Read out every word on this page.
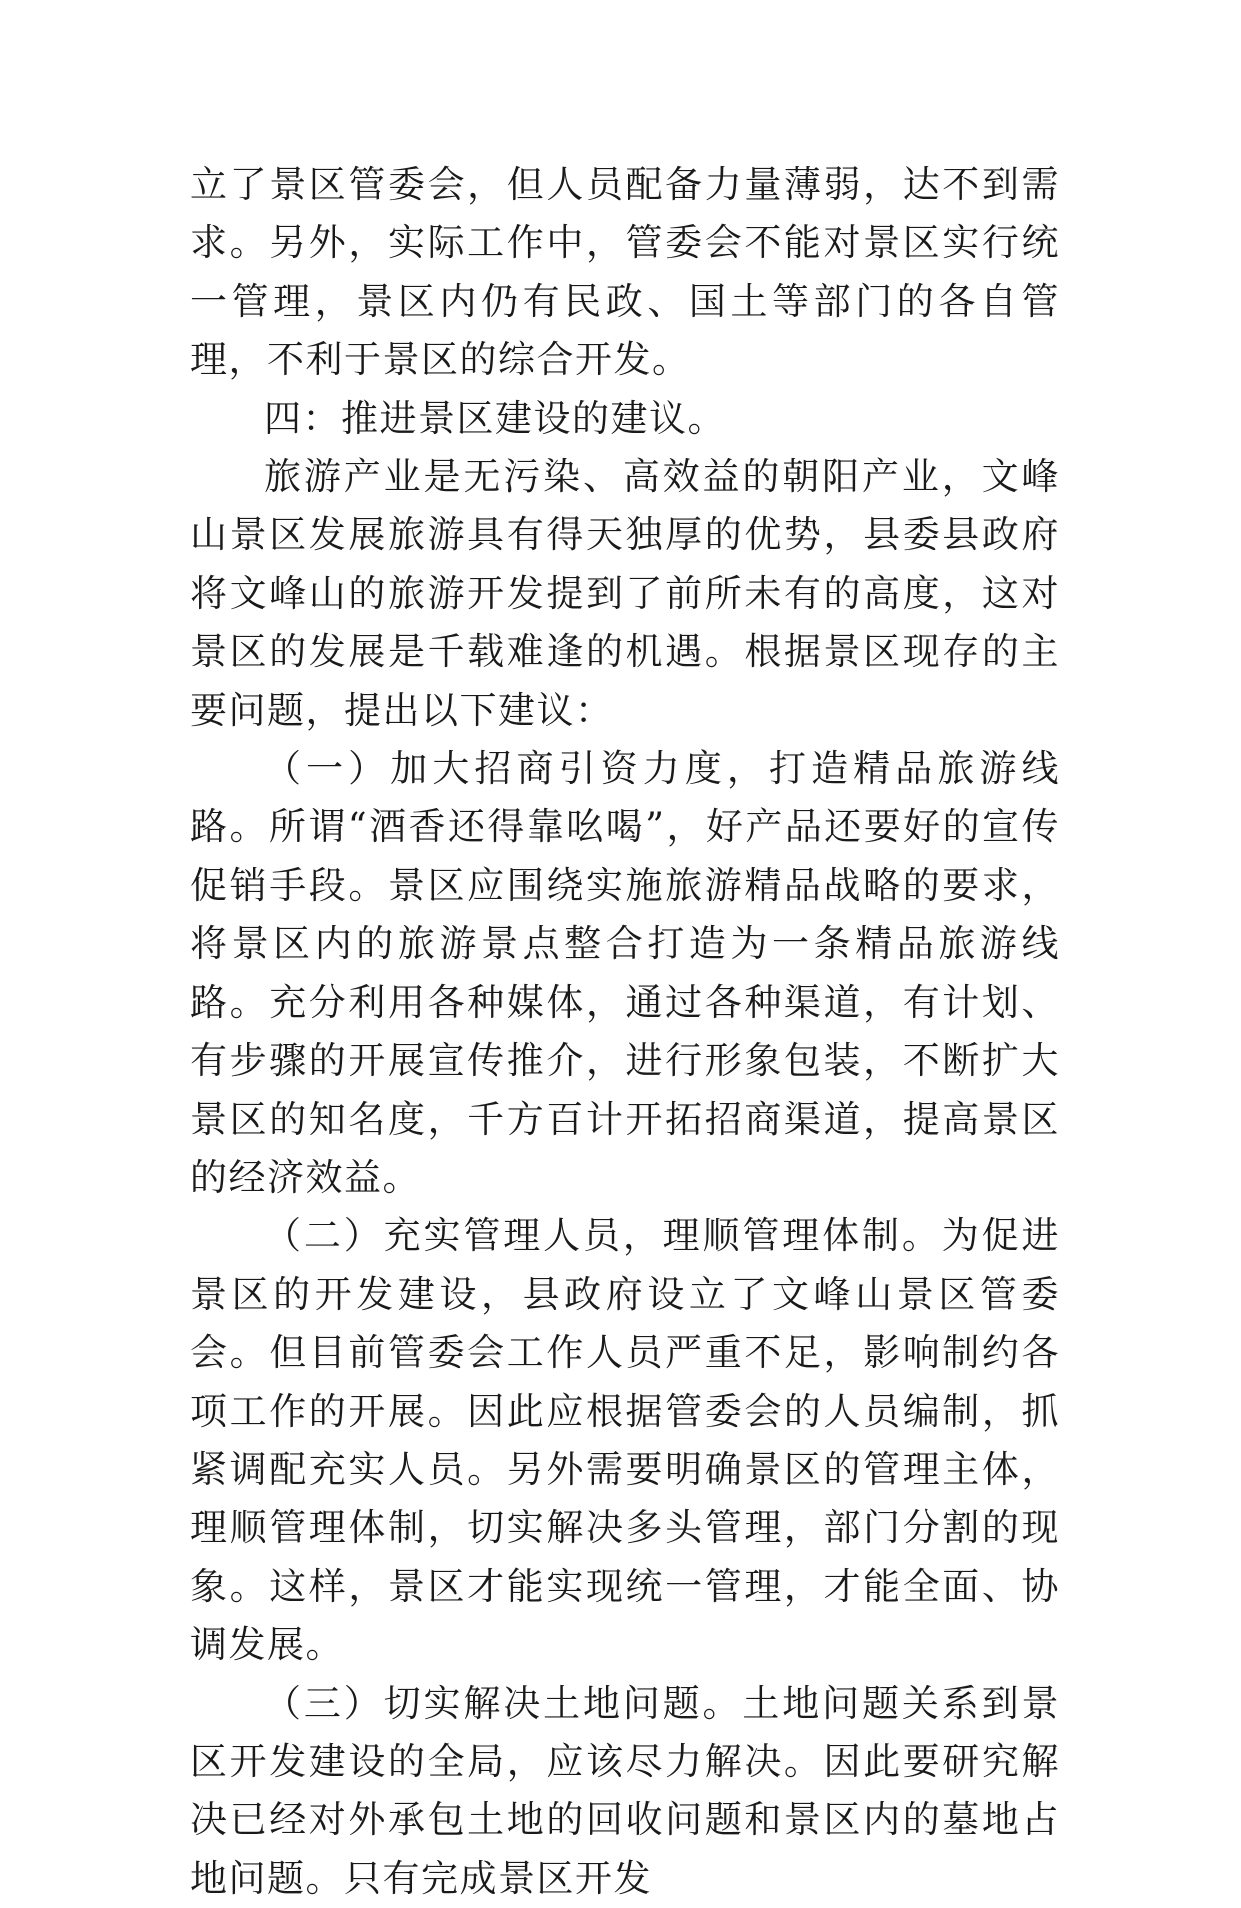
立了景区管委会，但人员配备力量薄弱，达不到需求。另外，实际工作中，管委会不能对景区实行统一管理，景区内仍有民政、国土等部门的各自管理，不利于景区的综合开发。

四：推进景区建设的建议。

旅游产业是无污染、高效益的朝阳产业，文峰山景区发展旅游具有得天独厚的优势，县委县政府将文峰山的旅游开发提到了前所未有的高度，这对景区的发展是千载难逢的机遇。根据景区现存的主要问题，提出以下建议：

（一）加大招商引资力度，打造精品旅游线路。所谓“酒香还得靠吆喝”，好产品还要好的宣传促销手段。景区应围绕实施旅游精品战略的要求，将景区内的旅游景点整合打造为一条精品旅游线路。充分利用各种媒体，通过各种渠道，有计划、有步骤的开展宣传推介，进行形象包装，不断扩大景区的知名度，千方百计开拓招商渠道，提高景区的经济效益。

（二）充实管理人员，理顺管理体制。为促进景区的开发建设，县政府设立了文峰山景区管委会。但目前管委会工作人员严重不足，影响制约各项工作的开展。因此应根据管委会的人员编制，抓紧调配充实人员。另外需要明确景区的管理主体，理顺管理体制，切实解决多头管理，部门分割的现象。这样，景区才能实现统一管理，才能全面、协调发展。

（三）切实解决土地问题。土地问题关系到景区开发建设的全局，应该尽力解决。因此要研究解决已经对外承包土地的回收问题和景区内的墓地占地问题。只有完成景区开发
